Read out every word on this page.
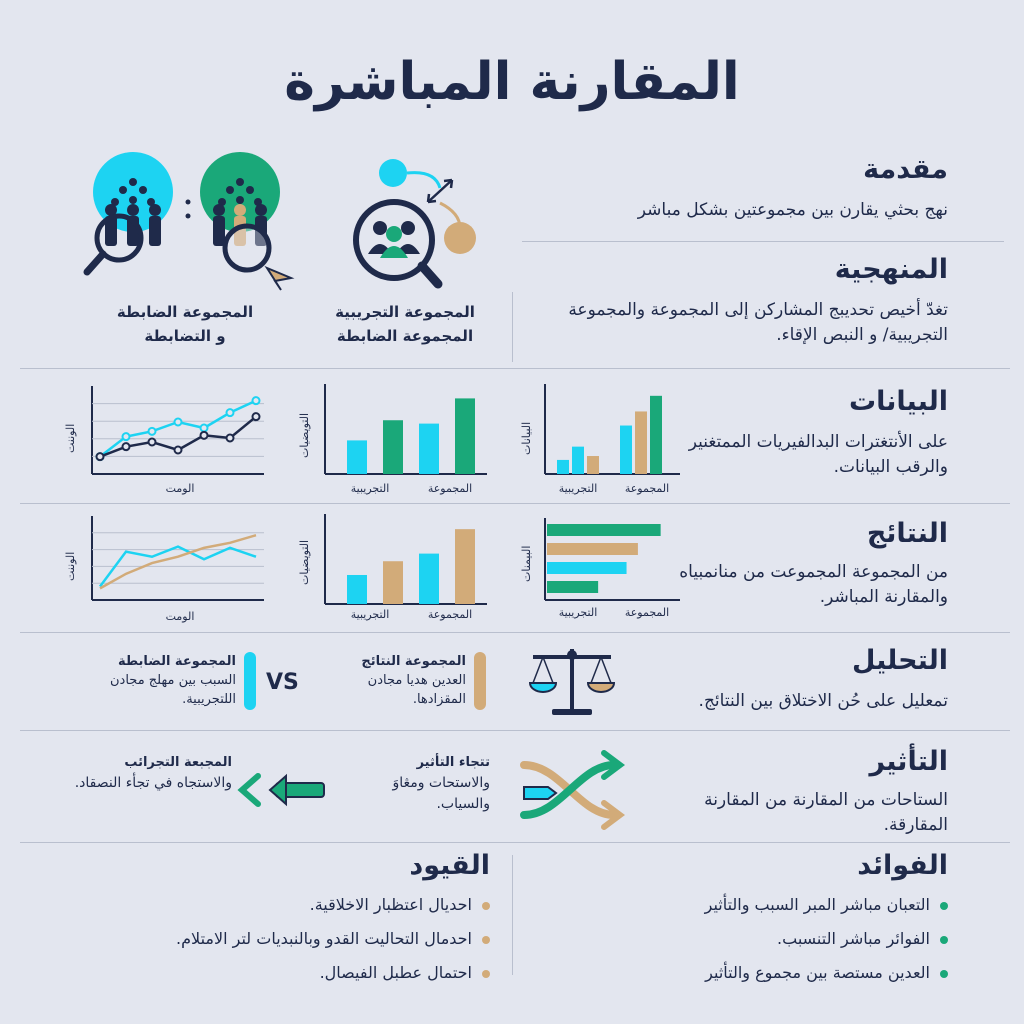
المقارنة المباشرة
مقدمة
نهج بحثي يقارن بين مجموعتين بشكل مباشر
المنهجية
تغدّ أخيص تحديبج المشاركن إلى المجموعة والمجموعة التجريبية/ و النبص الإقاء.
المجموعة الضابطة
و التضابطة
المجموعة التجريبية
المجموعة الضابطة
البيانات
على الأنتغترات البدالفيريات الممتغنير والرقب البيانات.
النتائج
من المجموعة المجموعت من منانمبياه والمقارنة المباشر.
الومت
الوننت
التجريبية	المجموعة
التويضيات
التجريبية	المجموعة
البيانات
الومت
الوننت
التجريبية	المجموعة
التويضيات
التجريبية	المجموعة
البيمنات
التحليل
تمعليل على حُن الاختلاق بين النتائج.
المجموعة النتائج
العدين هديا مجادن المقزادها.
VS
المجموعة الضابطة
السبب بين مهلج مجادن اللتجريبية.
التأثير
الستاحات من المقارنة من المقارنة المقارقة.
تتجاء التأثير
والاستحات ومڠاوَ والسياب.
المجبعة التجرائب
والاستجاه في تجأء النصقاد.
الفوائد
التعبان مباشر المبر السبب والتأثير
الفوائر مباشر التنسبب.
العدين مستصة بين مجموع والتأثير
القيود
احديال اعتظبار الاخلاقية.
احدمال التحاليت القدو وبالنبديات لتر الامتلام.
احتمال عطبل الفيصال.
